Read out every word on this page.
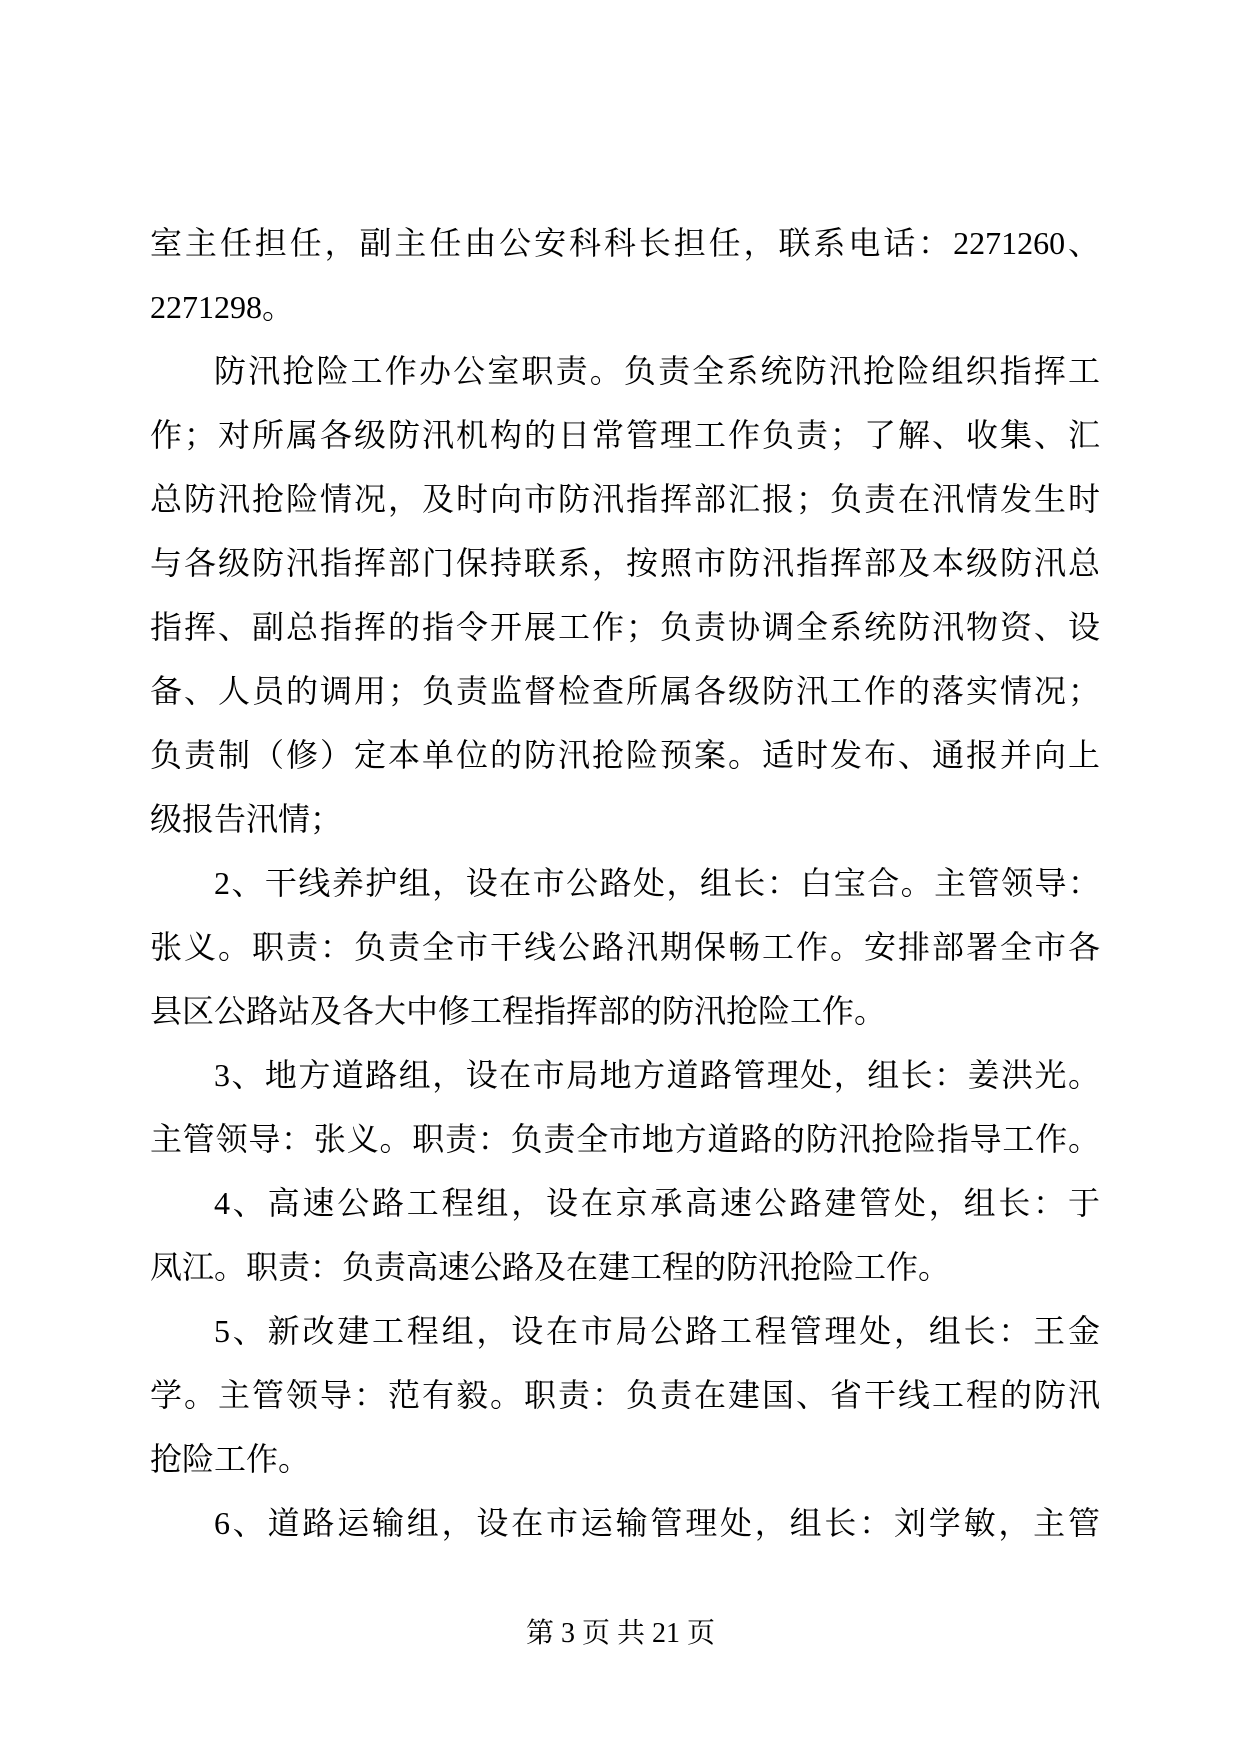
室主任担任，副主任由公安科科长担任，联系电话：2271260、
2271298。
防汛抢险工作办公室职责。负责全系统防汛抢险组织指挥工
作；对所属各级防汛机构的日常管理工作负责；了解、收集、汇
总防汛抢险情况，及时向市防汛指挥部汇报；负责在汛情发生时
与各级防汛指挥部门保持联系，按照市防汛指挥部及本级防汛总
指挥、副总指挥的指令开展工作；负责协调全系统防汛物资、设
备、人员的调用；负责监督检查所属各级防汛工作的落实情况；
负责制（修）定本单位的防汛抢险预案。适时发布、通报并向上
级报告汛情；
2、干线养护组，设在市公路处，组长：白宝合。主管领导：
张义。职责：负责全市干线公路汛期保畅工作。安排部署全市各
县区公路站及各大中修工程指挥部的防汛抢险工作。
3、地方道路组，设在市局地方道路管理处，组长：姜洪光。
主管领导：张义。职责：负责全市地方道路的防汛抢险指导工作。
4、高速公路工程组，设在京承高速公路建管处，组长：于
凤江。职责：负责高速公路及在建工程的防汛抢险工作。
5、新改建工程组，设在市局公路工程管理处，组长：王金
学。主管领导：范有毅。职责：负责在建国、省干线工程的防汛
抢险工作。
6、道路运输组，设在市运输管理处，组长：刘学敏，主管
第 3 页 共 21 页
